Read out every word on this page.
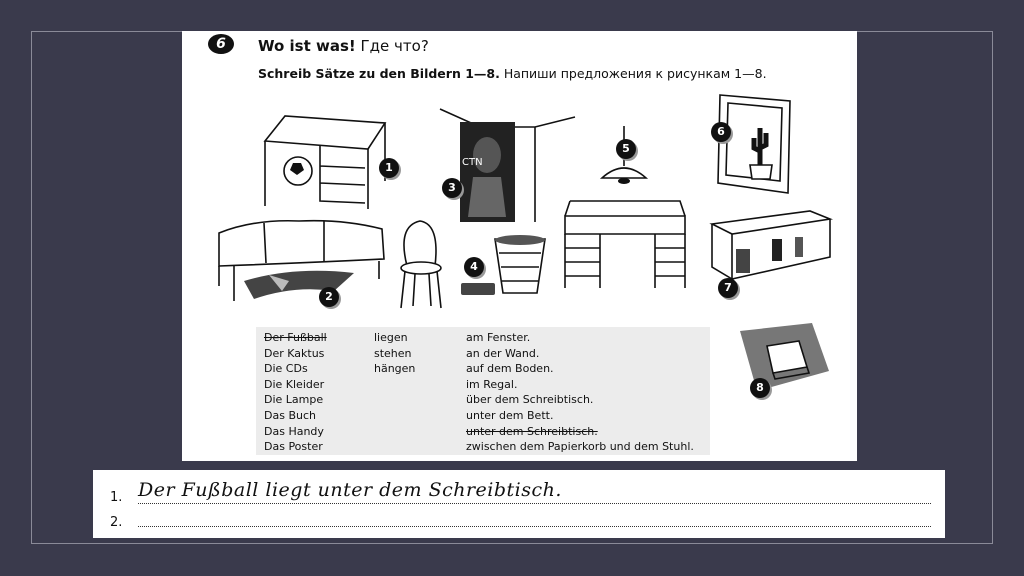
6	Wo ist was! Где что?
Schreib Sätze zu den Bildern 1—8. Напиши предложения к рисункам 1—8.
CTN
1
2
3
4
5
6
7
8
Der Fußball
Der Kaktus
Die CDs
Die Kleider
Die Lampe
Das Buch
Das Handy
Das Poster
liegen
stehen
hängen
am Fenster.
an der Wand.
auf dem Boden.
im Regal.
über dem Schreibtisch.
unter dem Bett.
unter dem Schreibtisch.
zwischen dem Papierkorb und dem Stuhl.
1. Der Fußball liegt unter dem Schreibtisch.
2.
